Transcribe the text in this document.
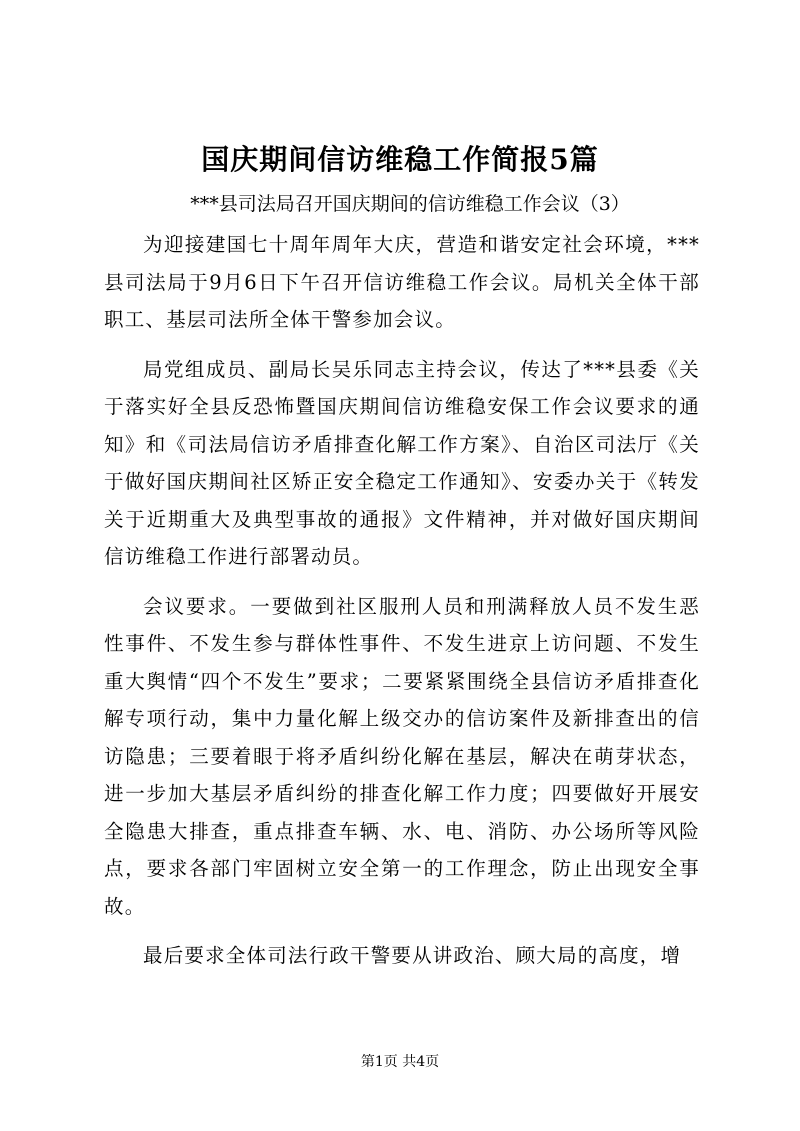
国庆期间信访维稳工作简报5篇

***县司法局召开国庆期间的信访维稳工作会议（3）

为迎接建国七十周年周年大庆，营造和谐安定社会环境，***县司法局于9月6日下午召开信访维稳工作会议。局机关全体干部职工、基层司法所全体干警参加会议。

局党组成员、副局长吴乐同志主持会议，传达了***县委《关于落实好全县反恐怖暨国庆期间信访维稳安保工作会议要求的通知》和《司法局信访矛盾排查化解工作方案》、自治区司法厅《关于做好国庆期间社区矫正安全稳定工作通知》、安委办关于《转发关于近期重大及典型事故的通报》文件精神，并对做好国庆期间信访维稳工作进行部署动员。

会议要求。一要做到社区服刑人员和刑满释放人员不发生恶性事件、不发生参与群体性事件、不发生进京上访问题、不发生重大舆情“四个不发生”要求；二要紧紧围绕全县信访矛盾排查化解专项行动，集中力量化解上级交办的信访案件及新排查出的信访隐患；三要着眼于将矛盾纠纷化解在基层，解决在萌芽状态，进一步加大基层矛盾纠纷的排查化解工作力度；四要做好开展安全隐患大排查，重点排查车辆、水、电、消防、办公场所等风险点，要求各部门牢固树立安全第一的工作理念，防止出现安全事故。

最后要求全体司法行政干警要从讲政治、顾大局的高度，增

第1页 共4页
